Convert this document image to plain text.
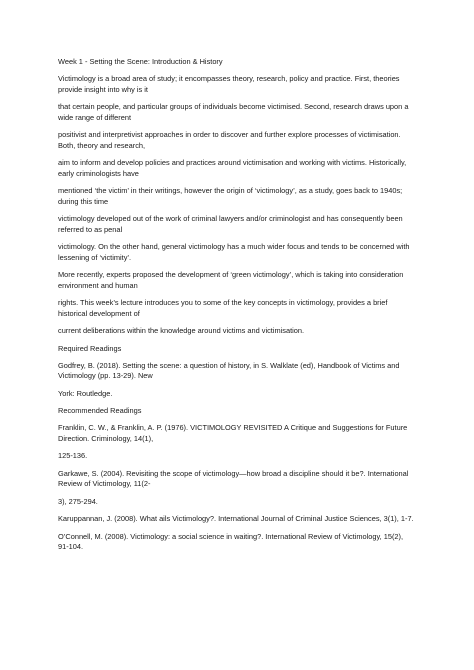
Week 1 - Setting the Scene: Introduction & History

Victimology is a broad area of study; it encompasses theory, research, policy and practice. First, theories provide insight into why is it

that certain people, and particular groups of individuals become victimised. Second, research draws upon a wide range of different

positivist and interpretivist approaches in order to discover and further explore processes of victimisation. Both, theory and research,

aim to inform and develop policies and practices around victimisation and working with victims. Historically, early criminologists have

mentioned ‘the victim’ in their writings, however the origin of ‘victimology’, as a study, goes back to 1940s; during this time

victimology developed out of the work of criminal lawyers and/or criminologist and has consequently been referred to as penal

victimology. On the other hand, general victimology has a much wider focus and tends to be concerned with lessening of ‘victimity’.

More recently, experts proposed the development of ‘green victimology’, which is taking into consideration environment and human

rights. This week’s lecture introduces you to some of the key concepts in victimology, provides a brief historical development of

current deliberations within the knowledge around victims and victimisation.

Required Readings

Godfrey, B. (2018). Setting the scene: a question of history, in S. Walklate (ed), Handbook of Victims and Victimology (pp. 13-29). New

York: Routledge.

Recommended Readings

Franklin, C. W., & Franklin, A. P. (1976). VICTIMOLOGY REVISITED A Critique and Suggestions for Future Direction. Criminology, 14(1),

125-136.

Garkawe, S. (2004). Revisiting the scope of victimology—how broad a discipline should it be?. International Review of Victimology, 11(2-

3), 275-294.

Karuppannan, J. (2008). What ails Victimology?. International Journal of Criminal Justice Sciences, 3(1), 1-7.

O’Connell, M. (2008). Victimology: a social science in waiting?. International Review of Victimology, 15(2), 91-104.
